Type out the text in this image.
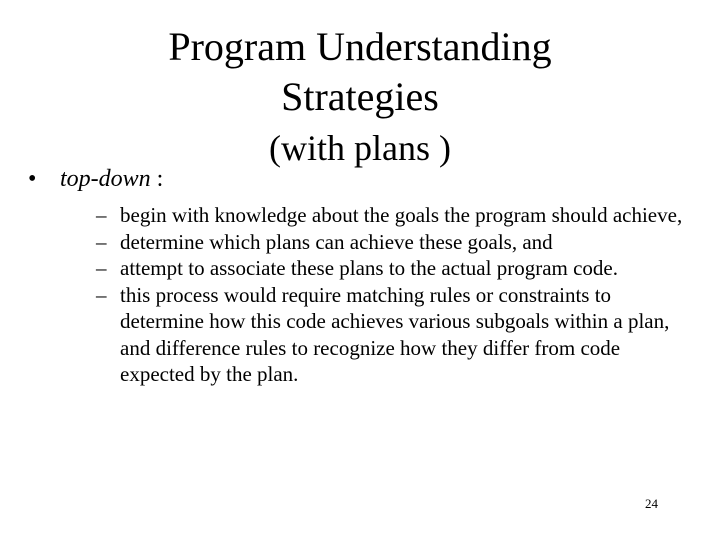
Program Understanding Strategies

(with plans )

• top-down :
– begin with knowledge about the goals the program should achieve,
– determine which plans can achieve these goals, and
– attempt to associate these plans to the actual program code.
– this process would require matching rules or constraints to determine how this code achieves various subgoals within a plan, and difference rules to recognize how they differ from code expected by the plan.
24
